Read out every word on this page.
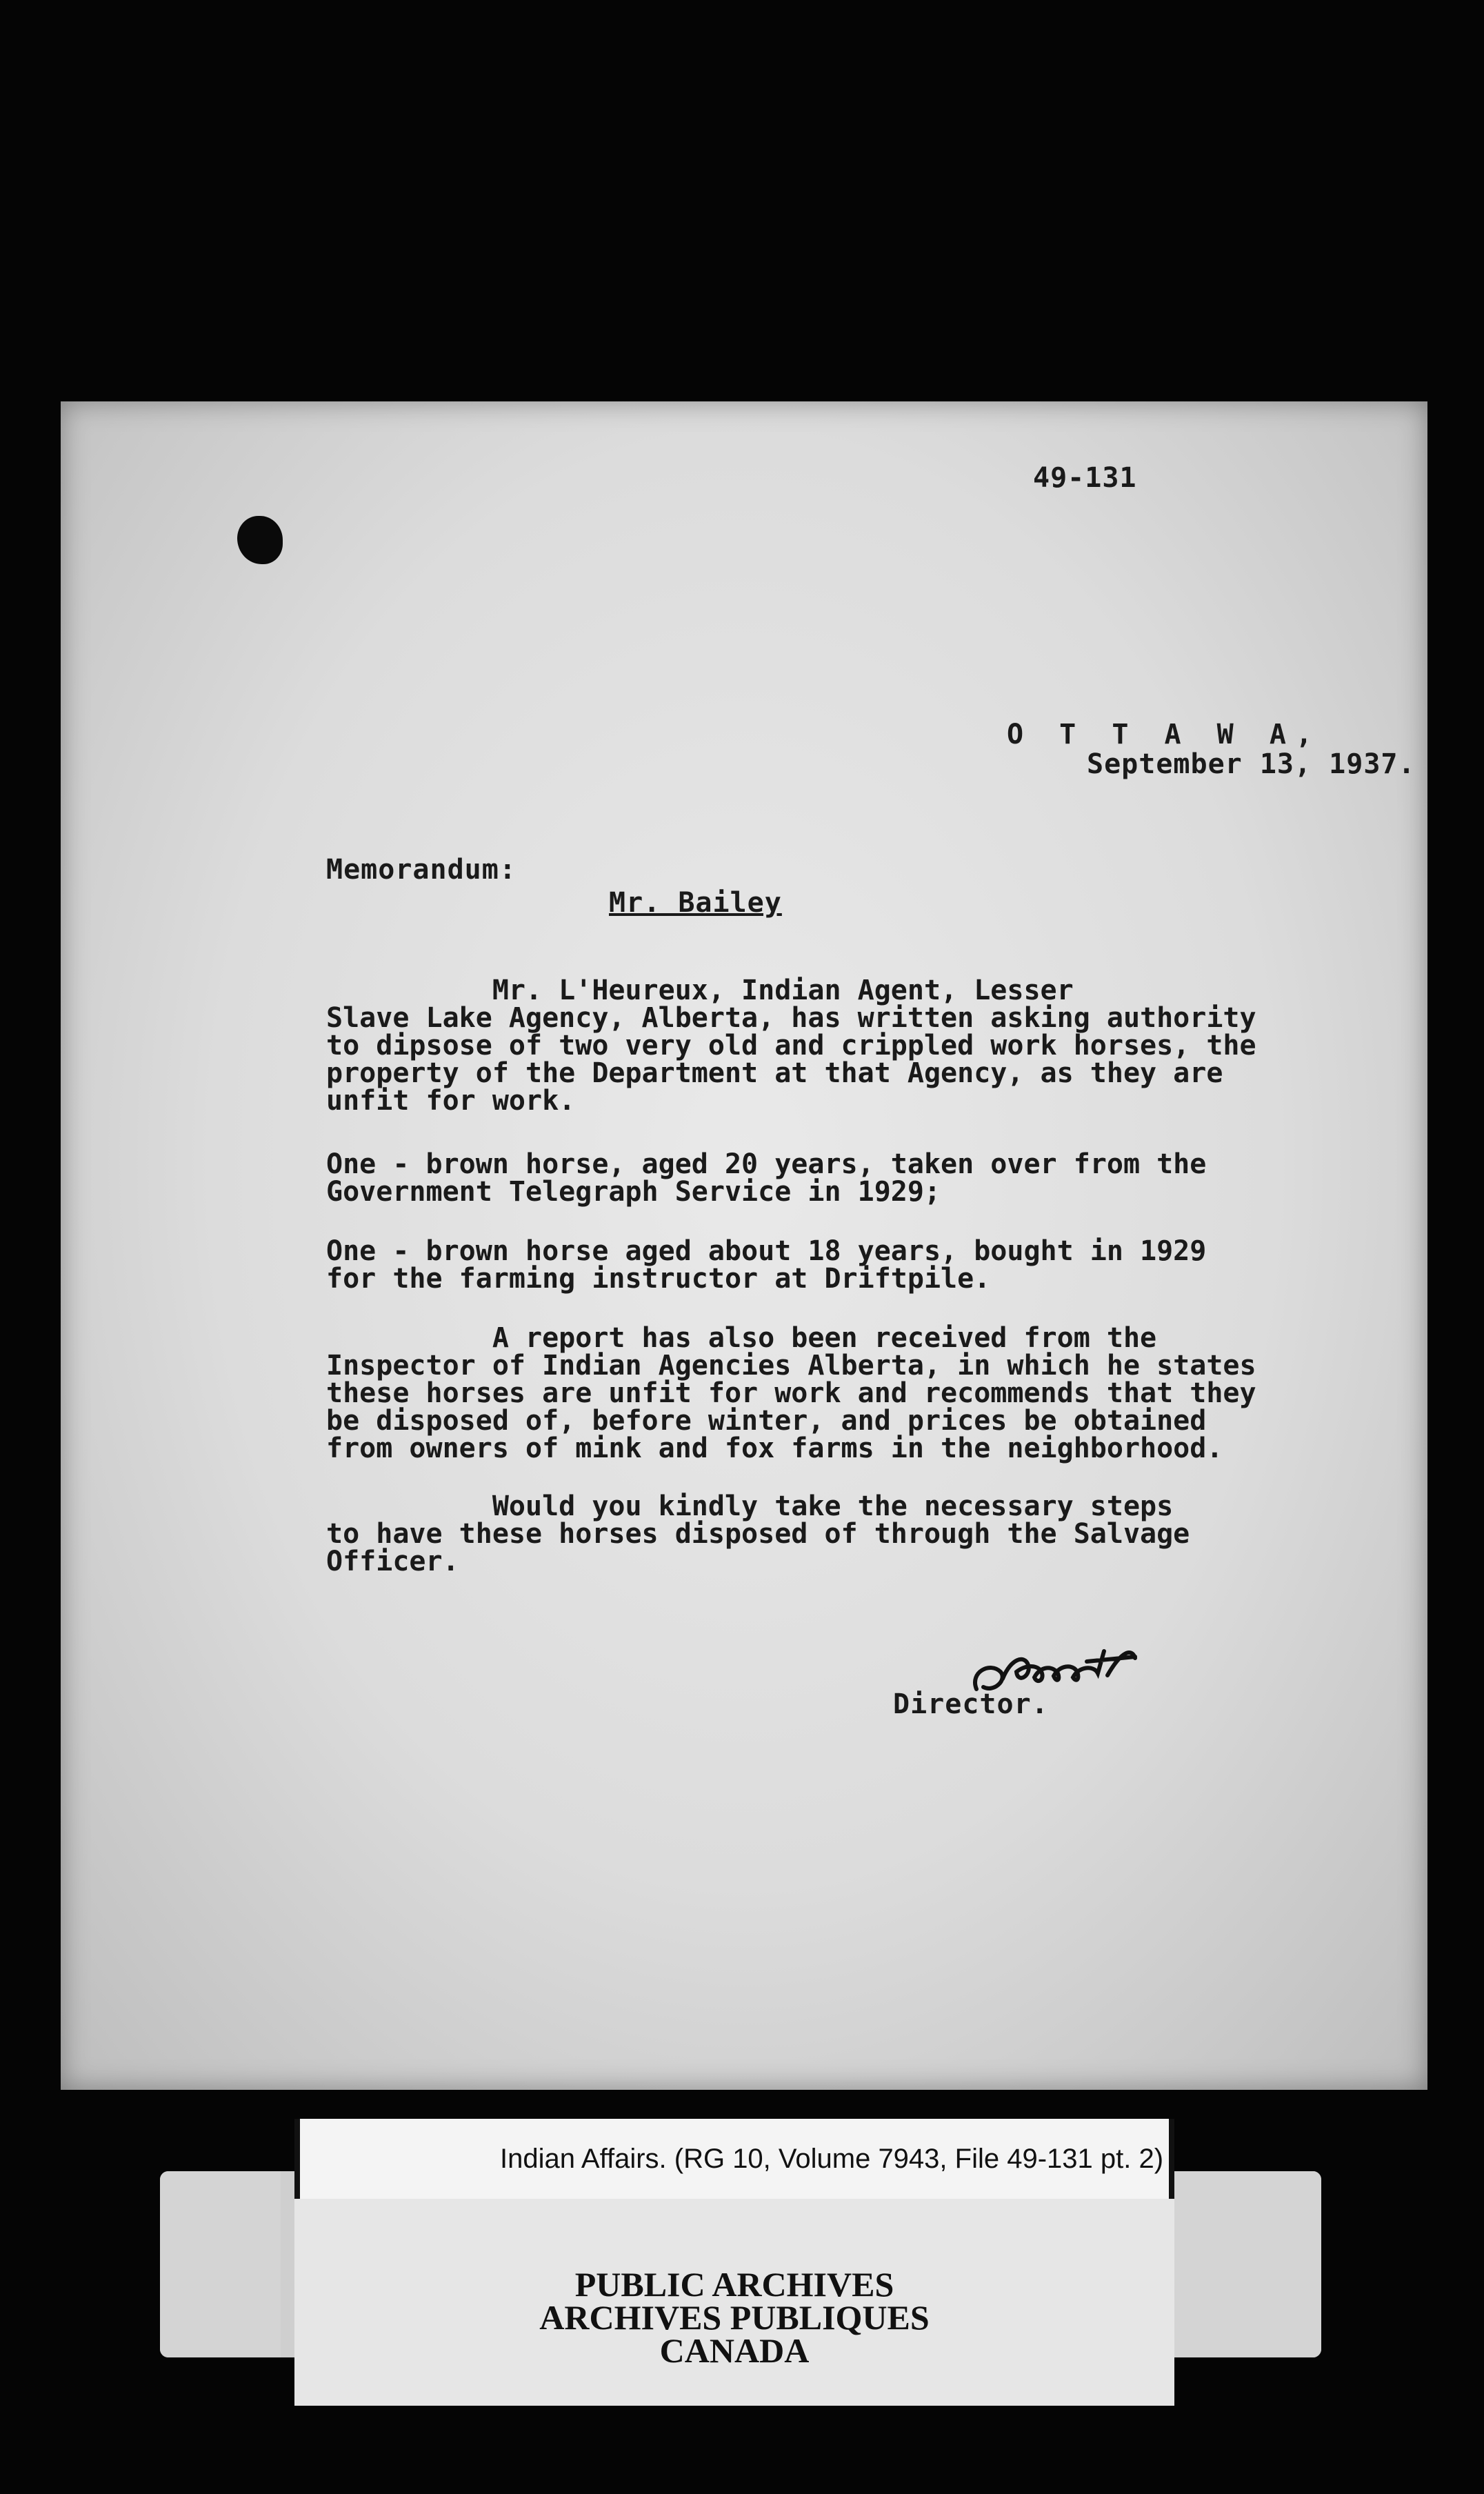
49-131
O T T A W A,
September 13, 1937.
Memorandum:
Mr. Bailey
Mr. L'Heureux, Indian Agent, Lesser
Slave Lake Agency, Alberta, has written asking authority
to dipsose of two very old and crippled work horses, the
property of the Department at that Agency, as they are
unfit for work.
One - brown horse, aged 20 years, taken over from the
Government Telegraph Service in 1929;
One - brown horse aged about 18 years, bought in 1929
for the farming instructor at Driftpile.
A report has also been received from the
Inspector of Indian Agencies Alberta, in which he states
these horses are unfit for work and recommends that they
be disposed of, before winter, and prices be obtained
from owners of mink and fox farms in the neighborhood.
Would you kindly take the necessary steps
to have these horses disposed of through the Salvage
Officer.
Director.
Indian Affairs. (RG 10, Volume 7943, File 49-131 pt. 2)
PUBLIC ARCHIVES
ARCHIVES PUBLIQUES
CANADA
